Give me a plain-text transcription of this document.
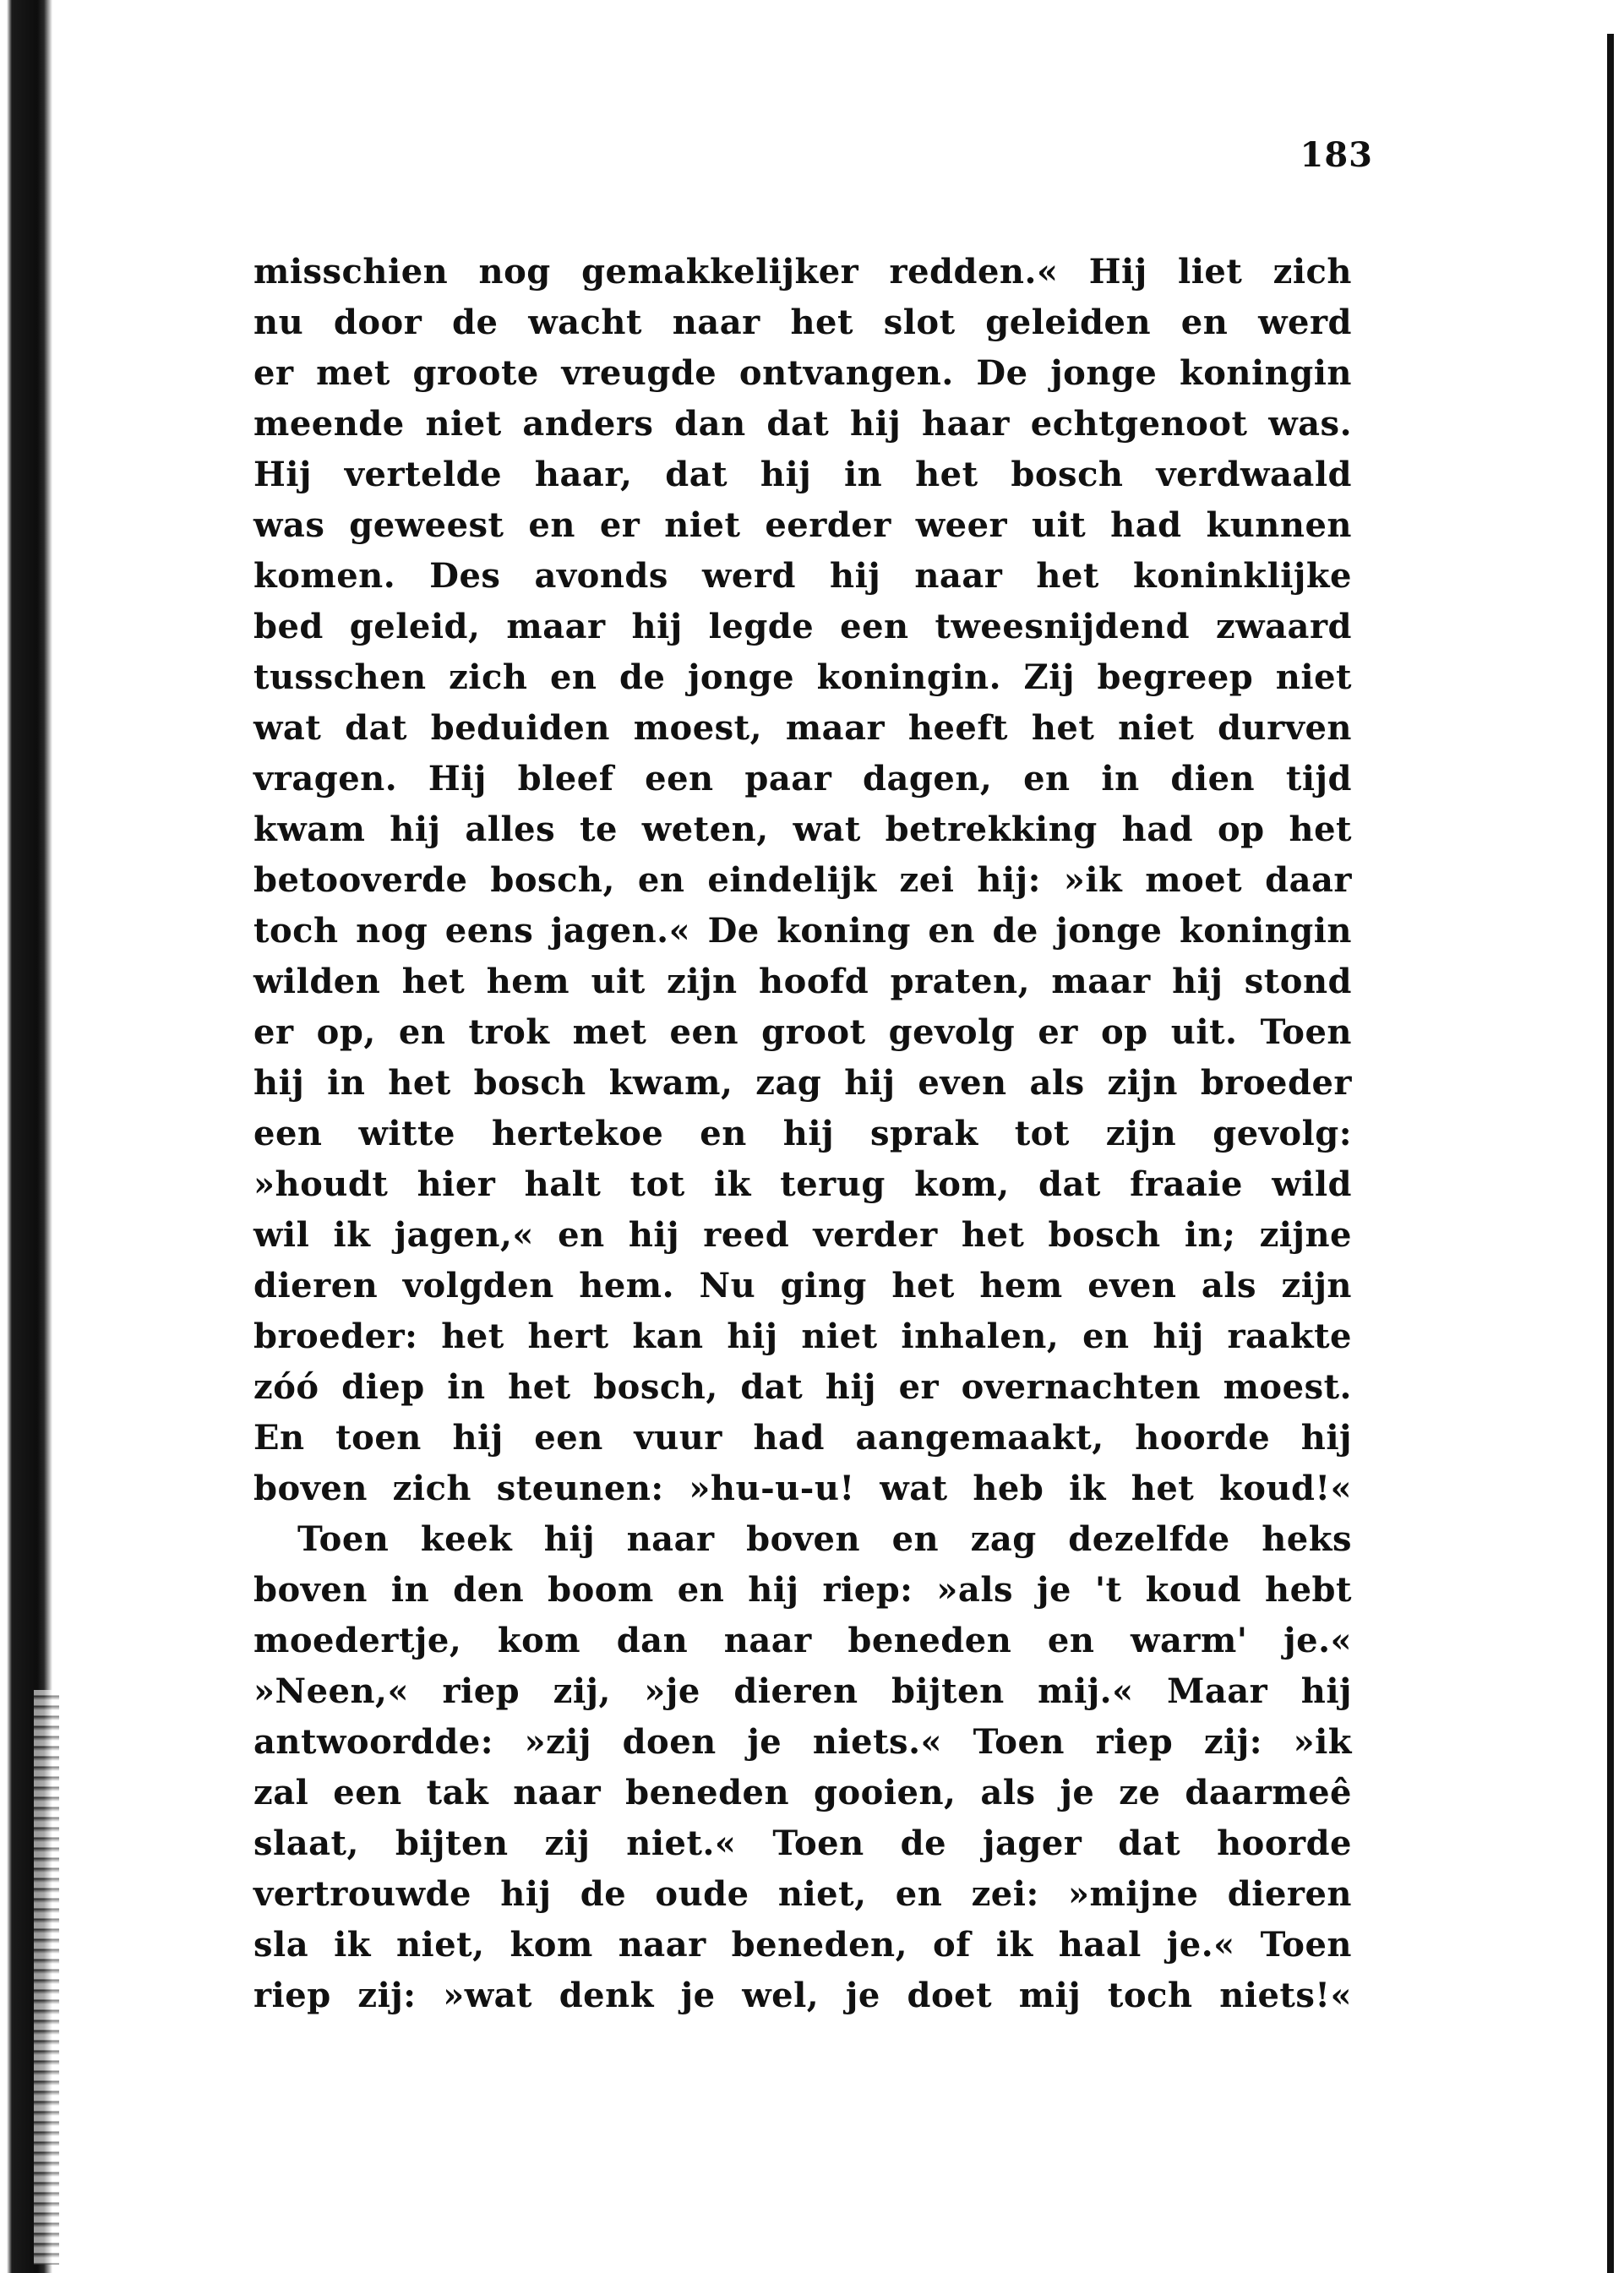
183
misschien nog gemakkelijker redden.« Hij liet zich
nu door de wacht naar het slot geleiden en werd
er met groote vreugde ontvangen. De jonge koningin
meende niet anders dan dat hij haar echtgenoot was.
Hij vertelde haar, dat hij in het bosch verdwaald
was geweest en er niet eerder weer uit had kunnen
komen. Des avonds werd hij naar het koninklijke
bed geleid, maar hij legde een tweesnijdend zwaard
tusschen zich en de jonge koningin. Zij begreep niet
wat dat beduiden moest, maar heeft het niet durven
vragen. Hij bleef een paar dagen, en in dien tijd
kwam hij alles te weten, wat betrekking had op het
betooverde bosch, en eindelijk zei hij: »ik moet daar
toch nog eens jagen.« De koning en de jonge koningin
wilden het hem uit zijn hoofd praten, maar hij stond
er op, en trok met een groot gevolg er op uit. Toen
hij in het bosch kwam, zag hij even als zijn broeder
een witte hertekoe en hij sprak tot zijn gevolg:
»houdt hier halt tot ik terug kom, dat fraaie wild
wil ik jagen,« en hij reed verder het bosch in; zijne
dieren volgden hem. Nu ging het hem even als zijn
broeder: het hert kan hij niet inhalen, en hij raakte
zóó diep in het bosch, dat hij er overnachten moest.
En toen hij een vuur had aangemaakt, hoorde hij
boven zich steunen: »hu-u-u! wat heb ik het koud!«
Toen keek hij naar boven en zag dezelfde heks
boven in den boom en hij riep: »als je 't koud hebt
moedertje, kom dan naar beneden en warm' je.«
»Neen,« riep zij, »je dieren bijten mij.« Maar hij
antwoordde: »zij doen je niets.« Toen riep zij: »ik
zal een tak naar beneden gooien, als je ze daarmeê
slaat, bijten zij niet.« Toen de jager dat hoorde
vertrouwde hij de oude niet, en zei: »mijne dieren
sla ik niet, kom naar beneden, of ik haal je.« Toen
riep zij: »wat denk je wel, je doet mij toch niets!«
